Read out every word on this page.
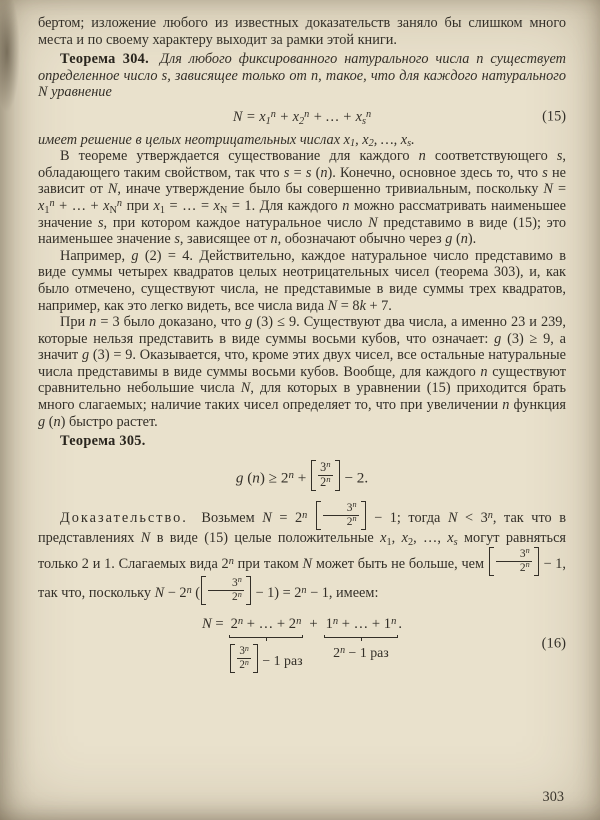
бертом; изложение любого из известных доказательств заняло бы слишком много места и по своему характеру выходит за рамки этой книги.

Теорема 304. Для любого фиксированного натурального числа n существует определенное число s, зависящее только от n, такое, что для каждого натурального N уравнение

$N = x_1^n + x_2^n$ + … + $x_s^n$	(15)

имеет решение в целых неотрицательных числах $x_1$, $x_2$, …, $x_s$.

В теореме утверждается существование для каждого n соответствующего s, обладающего таким свойством, так что s = s (n). Конечно, основное здесь то, что s не зависит от N, иначе утверждение было бы совершенно тривиальным, поскольку $N = x_1^n$ + … + $x_N^n$ при $x_1$ = … = $x_N = 1$. Для каждого n можно рассматривать наименьшее значение s, при котором каждое натуральное число N представимо в виде (15); это наименьшее значение s, зависящее от n, обозначают обычно через g (n).

Например, g (2) = 4. Действительно, каждое натуральное число представимо в виде суммы четырех квадратов целых неотрицательных чисел (теорема 303), и, как было отмечено, существуют числа, не представимые в виде суммы трех квадратов, например, как это легко видеть, все числа вида N = 8k + 7.

При n = 3 было доказано, что g (3) ≤ 9. Существуют два числа, а именно 23 и 239, которые нельзя представить в виде суммы восьми кубов, что означает: g (3) ≥ 9, а значит g (3) = 9. Оказывается, что, кроме этих двух чисел, все остальные натуральные числа представимы в виде суммы восьми кубов. Вообще, для каждого n существуют сравнительно небольшие числа N, для которых в уравнении (15) приходится брать много слагаемых; наличие таких чисел определяет то, что при увеличении n функция g (n) быстро растет.

Теорема 305.

g $(n) \ge 2^n$ +
3$^n$
$2^n - 2$.

Доказательство. Возьмем $N = 2^n$
3$^n$
$2^n - 1$; тогда $N < 3^n$, так что в представлениях N в виде (15) целые положительные $x_1$, $x_2$, …, $x_s$ могут равняться только 2 и 1. Слагаемых вида 2$^n$ при таком N может быть не больше, чем
3$^n$
$2^n - 1$, так что, поскольку $N - 2^n$ (
3$^n$
$2^n - 1) = 2^n - 1$, имеем:

$N = 2^n$ + … + $2^n$
3$^n$
$2^n - 1$ раз
+ $1^n$ + … + $1^n$
$2^n - 1$ раз
.
(16)
303
